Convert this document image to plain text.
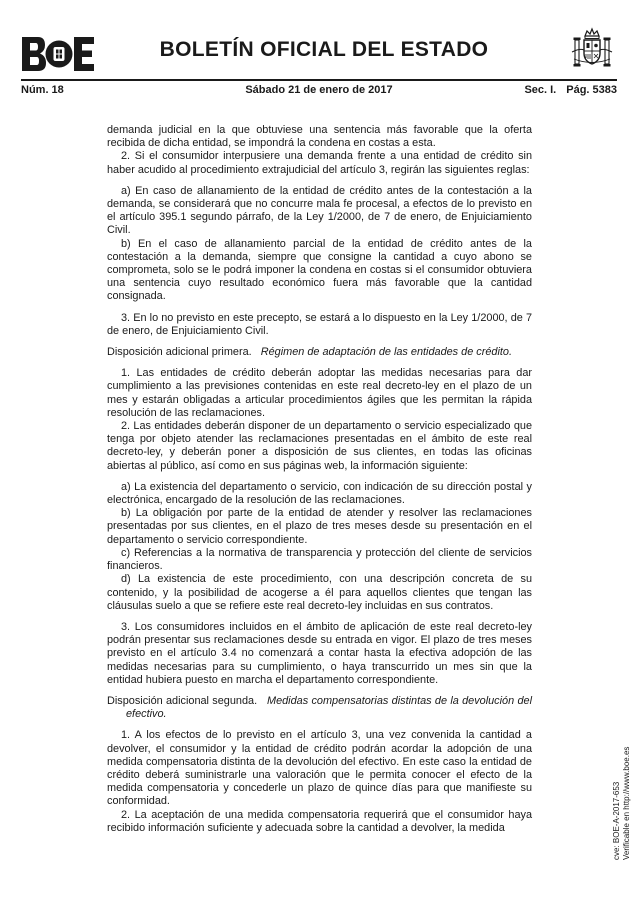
BOLETÍN OFICIAL DEL ESTADO
Núm. 18	Sábado 21 de enero de 2017	Sec. I. Pág. 5383

demanda judicial en la que obtuviese una sentencia más favorable que la oferta recibida de dicha entidad, se impondrá la condena en costas a esta.

2. Si el consumidor interpusiere una demanda frente a una entidad de crédito sin haber acudido al procedimiento extrajudicial del artículo 3, regirán las siguientes reglas:

a) En caso de allanamiento de la entidad de crédito antes de la contestación a la demanda, se considerará que no concurre mala fe procesal, a efectos de lo previsto en el artículo 395.1 segundo párrafo, de la Ley 1/2000, de 7 de enero, de Enjuiciamiento Civil.

b) En el caso de allanamiento parcial de la entidad de crédito antes de la contestación a la demanda, siempre que consigne la cantidad a cuyo abono se comprometa, solo se le podrá imponer la condena en costas si el consumidor obtuviera una sentencia cuyo resultado económico fuera más favorable que la cantidad consignada.

3. En lo no previsto en este precepto, se estará a lo dispuesto en la Ley 1/2000, de 7 de enero, de Enjuiciamiento Civil.

Disposición adicional primera. Régimen de adaptación de las entidades de crédito.

1. Las entidades de crédito deberán adoptar las medidas necesarias para dar cumplimiento a las previsiones contenidas en este real decreto-ley en el plazo de un mes y estarán obligadas a articular procedimientos ágiles que les permitan la rápida resolución de las reclamaciones.

2. Las entidades deberán disponer de un departamento o servicio especializado que tenga por objeto atender las reclamaciones presentadas en el ámbito de este real decreto-ley, y deberán poner a disposición de sus clientes, en todas las oficinas abiertas al público, así como en sus páginas web, la información siguiente:

a) La existencia del departamento o servicio, con indicación de su dirección postal y electrónica, encargado de la resolución de las reclamaciones.

b) La obligación por parte de la entidad de atender y resolver las reclamaciones presentadas por sus clientes, en el plazo de tres meses desde su presentación en el departamento o servicio correspondiente.

c) Referencias a la normativa de transparencia y protección del cliente de servicios financieros.

d) La existencia de este procedimiento, con una descripción concreta de su contenido, y la posibilidad de acogerse a él para aquellos clientes que tengan las cláusulas suelo a que se refiere este real decreto-ley incluidas en sus contratos.

3. Los consumidores incluidos en el ámbito de aplicación de este real decreto-ley podrán presentar sus reclamaciones desde su entrada en vigor. El plazo de tres meses previsto en el artículo 3.4 no comenzará a contar hasta la efectiva adopción de las medidas necesarias para su cumplimiento, o haya transcurrido un mes sin que la entidad hubiera puesto en marcha el departamento correspondiente.

Disposición adicional segunda. Medidas compensatorias distintas de la devolución del efectivo.

1. A los efectos de lo previsto en el artículo 3, una vez convenida la cantidad a devolver, el consumidor y la entidad de crédito podrán acordar la adopción de una medida compensatoria distinta de la devolución del efectivo. En este caso la entidad de crédito deberá suministrarle una valoración que le permita conocer el efecto de la medida compensatoria y concederle un plazo de quince días para que manifieste su conformidad.

2. La aceptación de una medida compensatoria requerirá que el consumidor haya recibido información suficiente y adecuada sobre la cantidad a devolver, la medida	cve: BOE-A-2017-653 Verificable en http://www.boe.es
